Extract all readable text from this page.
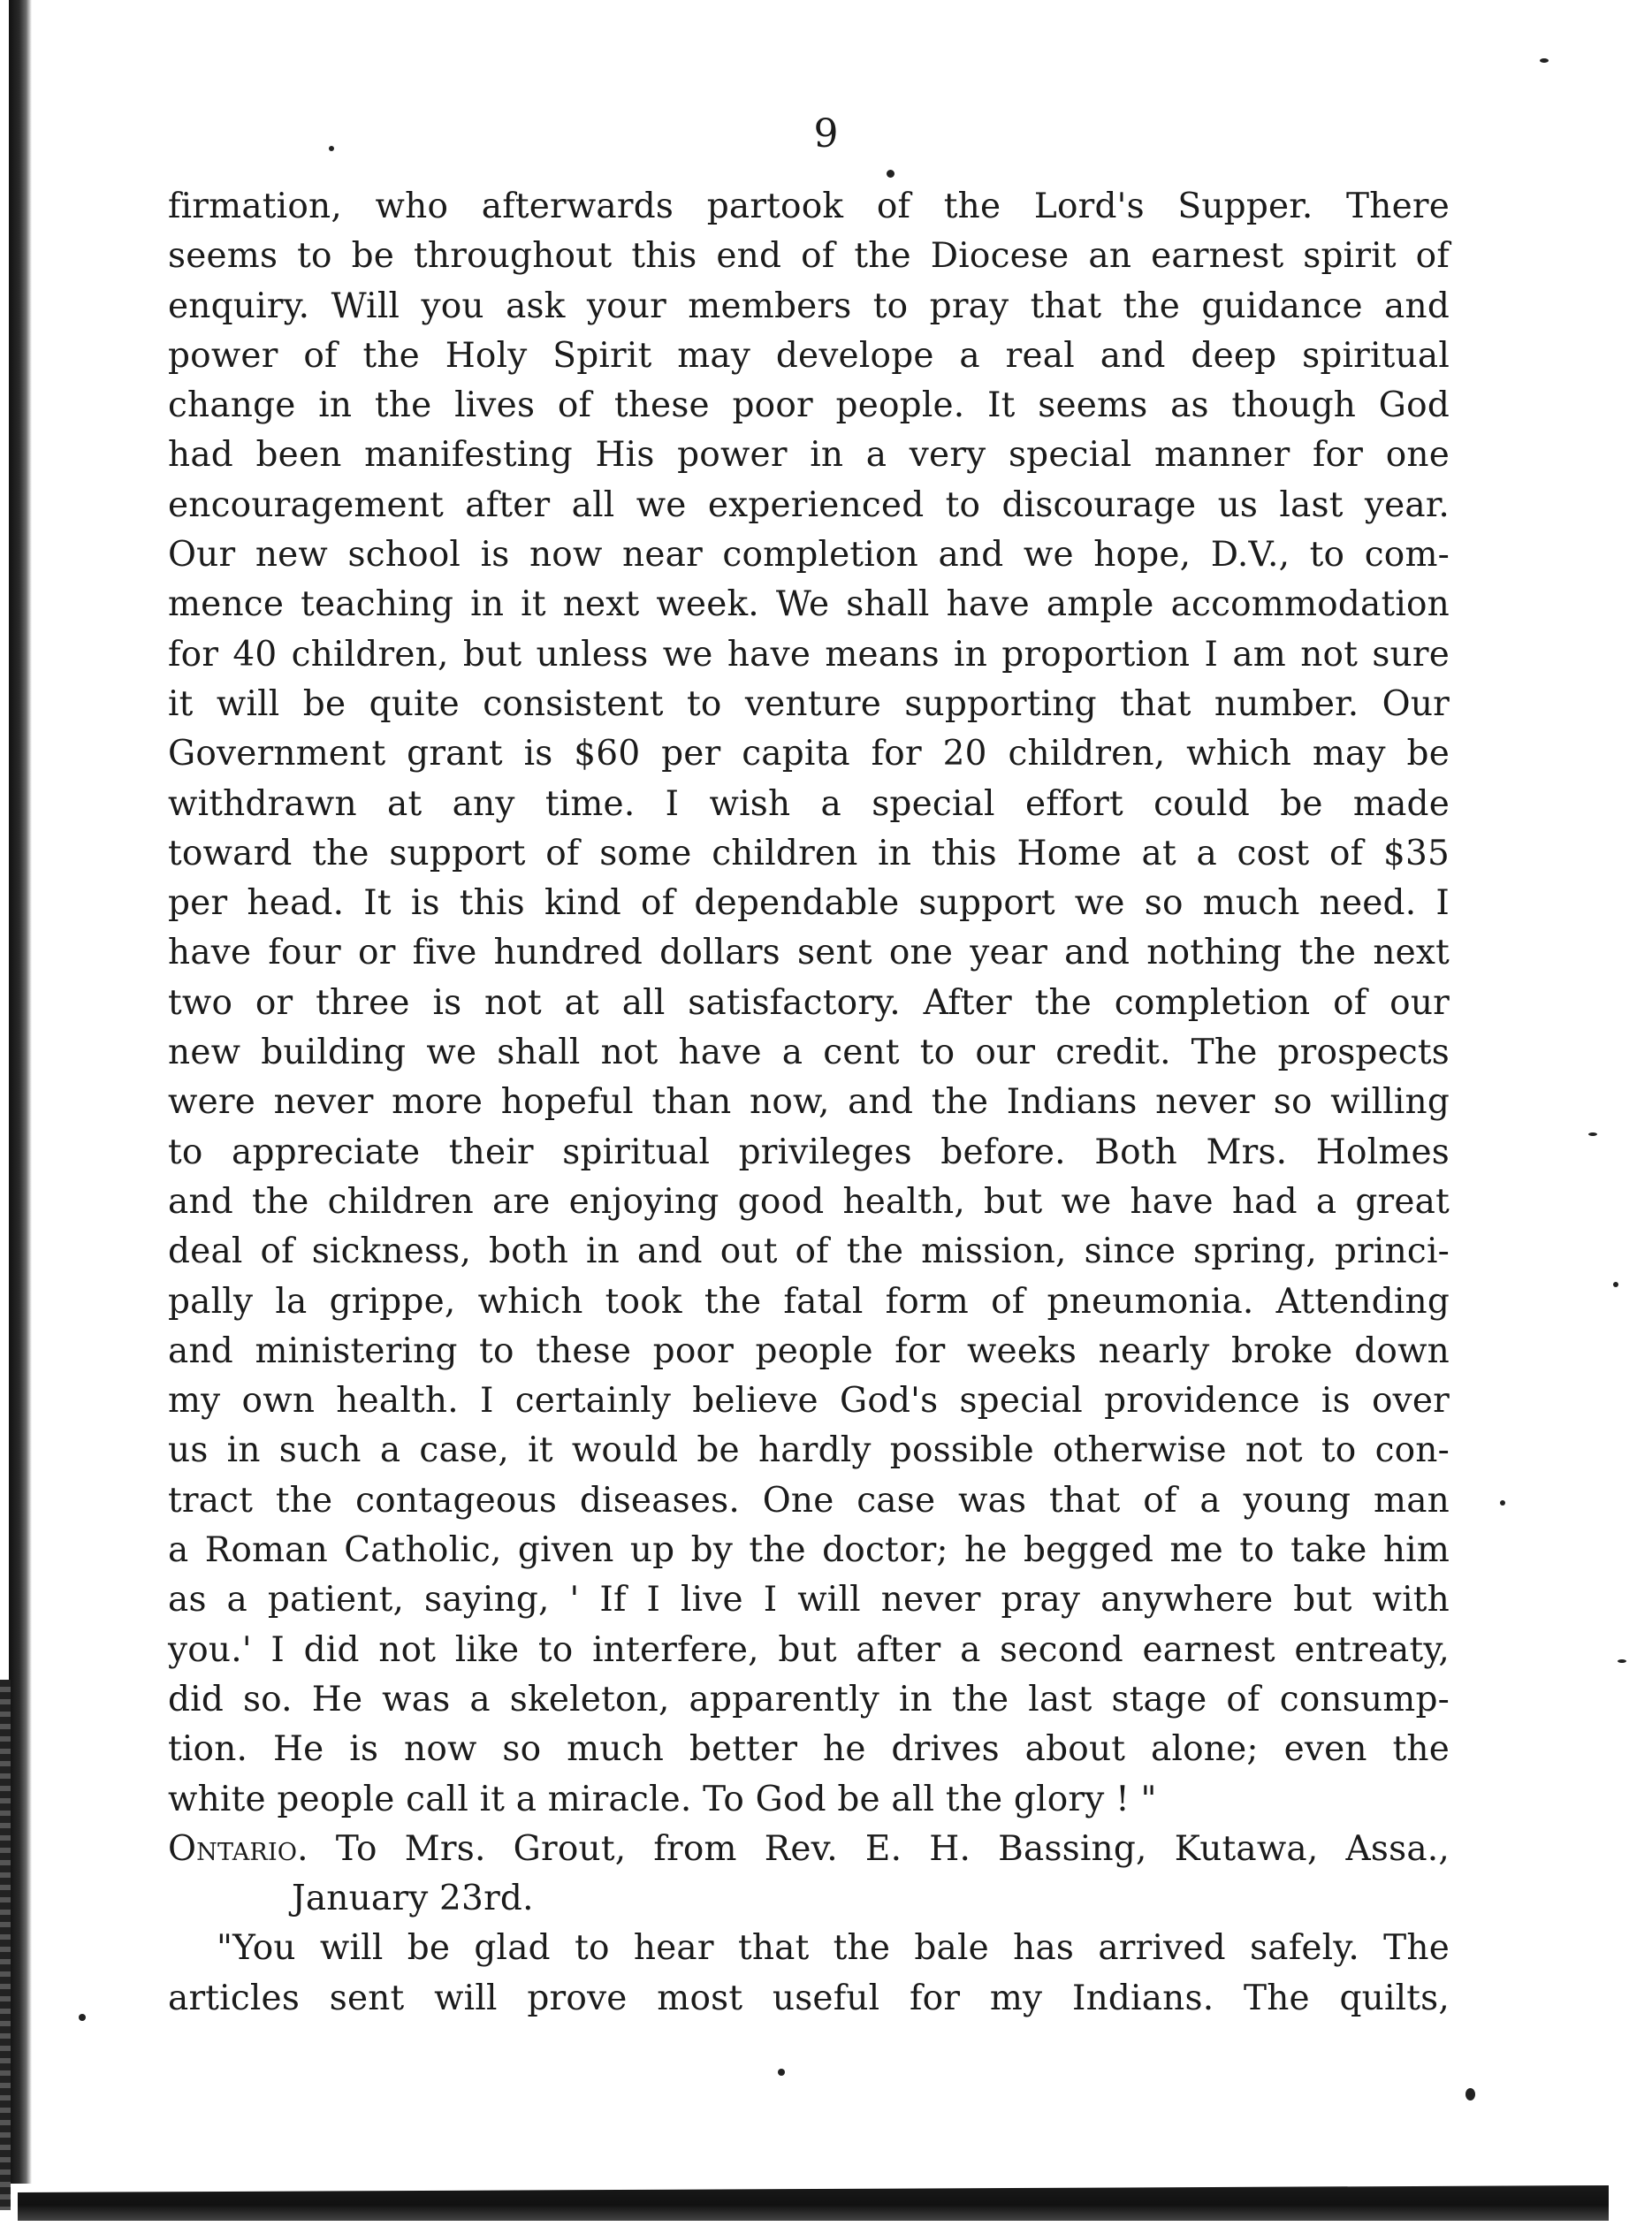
9
firmation, who afterwards partook of the Lord's Supper. There
seems to be throughout this end of the Diocese an earnest spirit of
enquiry. Will you ask your members to pray that the guidance and
power of the Holy Spirit may develope a real and deep spiritual
change in the lives of these poor people. It seems as though God
had been manifesting His power in a very special manner for one
encouragement after all we experienced to discourage us last year.
Our new school is now near completion and we hope, D.V., to com-
mence teaching in it next week. We shall have ample accommodation
for 40 children, but unless we have means in proportion I am not sure
it will be quite consistent to venture supporting that number. Our
Government grant is $60 per capita for 20 children, which may be
withdrawn at any time. I wish a special effort could be made
toward the support of some children in this Home at a cost of $35
per head. It is this kind of dependable support we so much need. I
have four or five hundred dollars sent one year and nothing the next
two or three is not at all satisfactory. After the completion of our
new building we shall not have a cent to our credit. The prospects
were never more hopeful than now, and the Indians never so willing
to appreciate their spiritual privileges before. Both Mrs. Holmes
and the children are enjoying good health, but we have had a great
deal of sickness, both in and out of the mission, since spring, princi-
pally la grippe, which took the fatal form of pneumonia. Attending
and ministering to these poor people for weeks nearly broke down
my own health. I certainly believe God's special providence is over
us in such a case, it would be hardly possible otherwise not to con-
tract the contageous diseases. One case was that of a young man
a Roman Catholic, given up by the doctor; he begged me to take him
as a patient, saying, ' If I live I will never pray anywhere but with
you.' I did not like to interfere, but after a second earnest entreaty,
did so. He was a skeleton, apparently in the last stage of consump-
tion. He is now so much better he drives about alone; even the
white people call it a miracle. To God be all the glory ! "
Ontario. To Mrs. Grout, from Rev. E. H. Bassing, Kutawa, Assa.,
January 23rd.
"You will be glad to hear that the bale has arrived safely. The
articles sent will prove most useful for my Indians. The quilts,
